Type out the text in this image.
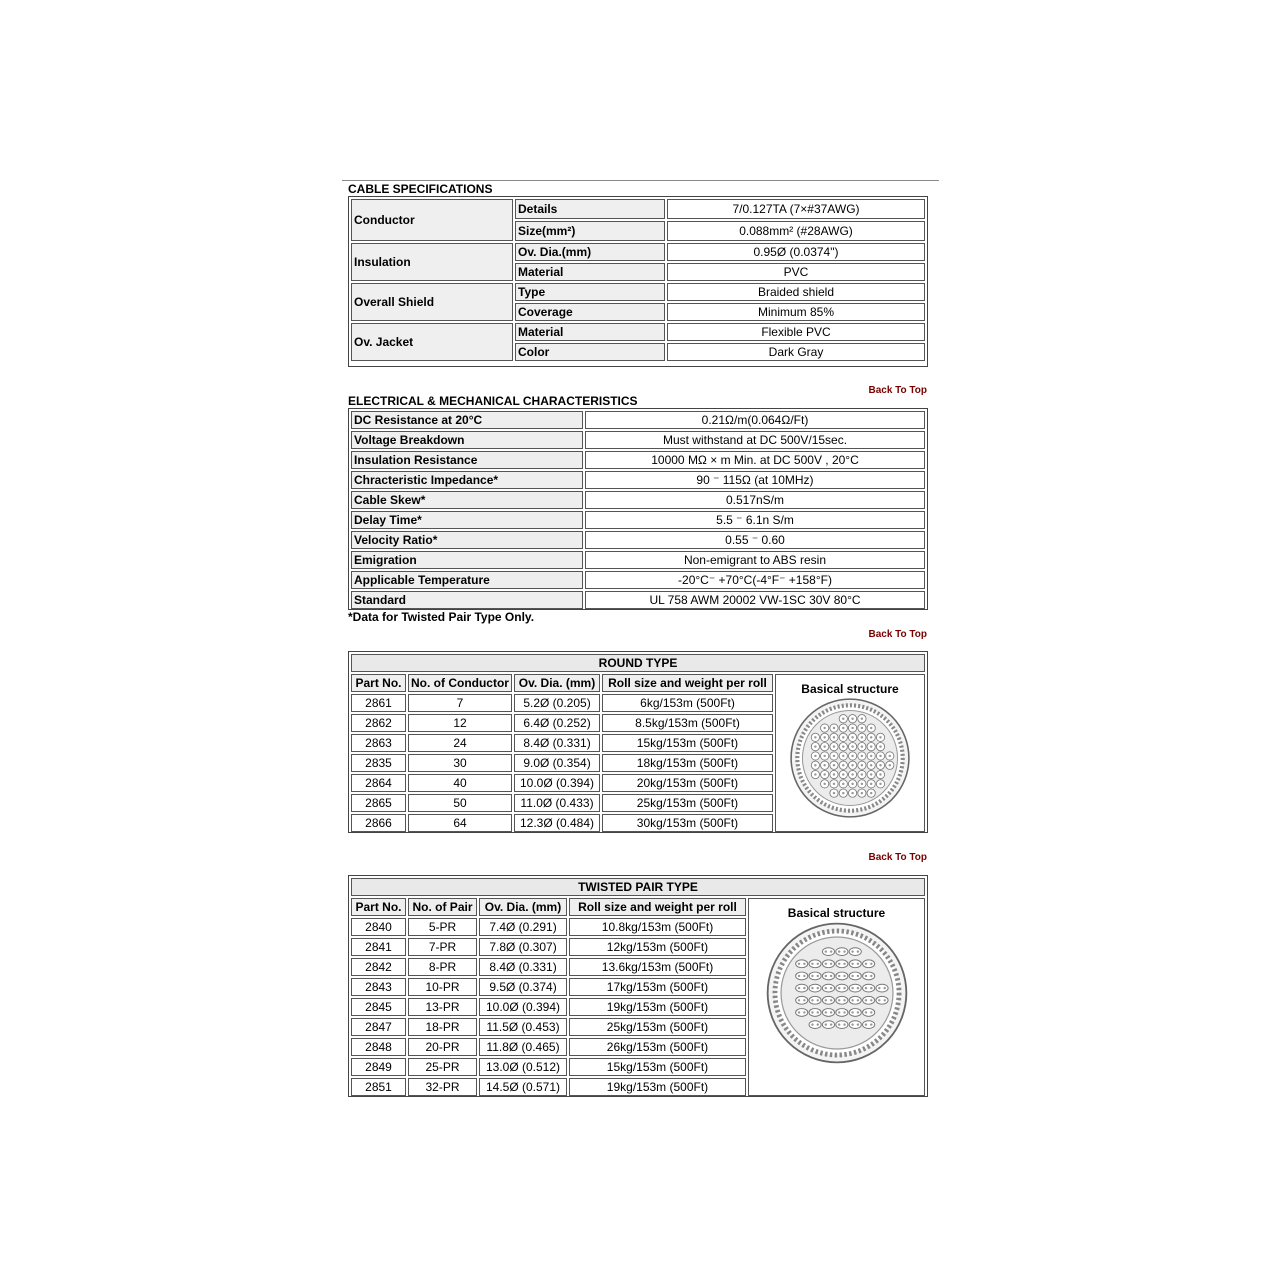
CABLE SPECIFICATIONS
Conductor	Details	7/0.127TA (7×#37AWG)
	Size(mm²)	0.088mm² (#28AWG)
Insulation	Ov. Dia.(mm)	0.95Ø (0.0374")
	Material	PVC
Overall Shield	Type	Braided shield
	Coverage	Minimum 85%
Ov. Jacket	Material	Flexible PVC
	Color	Dark Gray
Back To Top
ELECTRICAL & MECHANICAL CHARACTERISTICS
DC Resistance at 20°C	0.21Ω/m(0.064Ω/Ft)
Voltage Breakdown	Must withstand at DC 500V/15sec.
Insulation Resistance	10000 MΩ × m Min. at DC 500V , 20°C
Chracteristic Impedance*	90 ⁻ 115Ω (at 10MHz)
Cable Skew*	0.517nS/m
Delay Time*	5.5 ⁻ 6.1n S/m
Velocity Ratio*	0.55 ⁻ 0.60
Emigration	Non-emigrant to ABS resin
Applicable Temperature	-20°C⁻ +70°C(-4°F⁻ +158°F)
Standard	UL 758 AWM 20002 VW-1SC 30V 80°C
*Data for Twisted Pair Type Only.
Back To Top
ROUND TYPE				
Part No.	No. of Conductor	Ov. Dia. (mm)	Roll size and weight per roll	Basical structure

2861	7	5.2Ø (0.205)	6kg/153m (500Ft)	
2862	12	6.4Ø (0.252)	8.5kg/153m (500Ft)	
2863	24	8.4Ø (0.331)	15kg/153m (500Ft)	
2835	30	9.0Ø (0.354)	18kg/153m (500Ft)	
2864	40	10.0Ø (0.394)	20kg/153m (500Ft)	
2865	50	11.0Ø (0.433)	25kg/153m (500Ft)	
2866	64	12.3Ø (0.484)	30kg/153m (500Ft)	
Back To Top
TWISTED PAIR TYPE				
Part No.	No. of Pair	Ov. Dia. (mm)	Roll size and weight per roll	Basical structure

2840	5-PR	7.4Ø (0.291)	10.8kg/153m (500Ft)	
2841	7-PR	7.8Ø (0.307)	12kg/153m (500Ft)	
2842	8-PR	8.4Ø (0.331)	13.6kg/153m (500Ft)	
2843	10-PR	9.5Ø (0.374)	17kg/153m (500Ft)	
2845	13-PR	10.0Ø (0.394)	19kg/153m (500Ft)	
2847	18-PR	11.5Ø (0.453)	25kg/153m (500Ft)	
2848	20-PR	11.8Ø (0.465)	26kg/153m (500Ft)	
2849	25-PR	13.0Ø (0.512)	15kg/153m (500Ft)	
2851	32-PR	14.5Ø (0.571)	19kg/153m (500Ft)	
